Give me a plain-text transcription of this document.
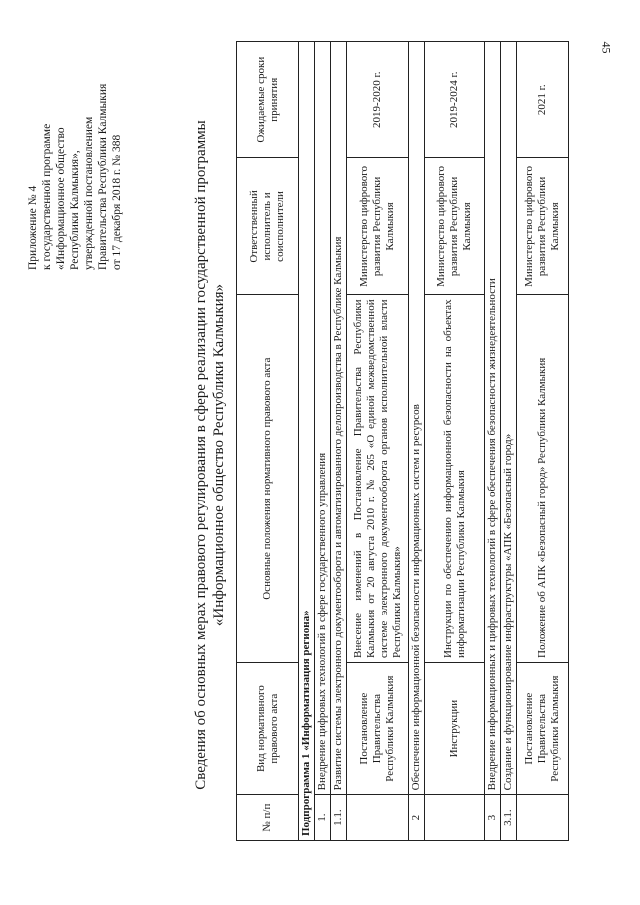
45
Приложение № 4 к государственной программе «Информационное общество Республики Калмыкия», утвержденной постановлением Правительства Республики Калмыкия от 17 декабря 2018 г. № 388	Сведения об основных мерах правового регулирования в сфере реализации государственной программы «Информационное общество Республики Калмыкия»
№ п/п	Вид нормативного правового акта	Основные положения нормативного правового акта	Ответственный исполнитель и соисполнители	Ожидаемые сроки принятия
Подпрограмма 1 «Информатизация региона»				
1.	Внедрение цифровых технологий в сфере государственного управления			
1.1.	Развитие системы электронного документооборота и автоматизированного делопроизводства в Республике Калмыкия			
	Постановление Правительства Республики Калмыкия	Внесение изменений в Постановление Правительства Республики Калмыкия от 20 августа 2010 г. № 265 «О единой межведомственной системе электронного документооборота органов исполнительной власти Республики Калмыкия»	Министерство цифрового развития Республики Калмыкия	2019-2020 г.
2	Обеспечение информационной безопасности информационных систем и ресурсов			
	Инструкции	Инструкции по обеспечению информационной безопасности на объектах информатизации Республики Калмыкия	Министерство цифрового развития Республики Калмыкия	2019-2024 г.
3	Внедрение информационных и цифровых технологий в сфере обеспечения безопасности жизнедеятельности			
3.1.	Создание и функционирование инфраструктуры «АПК «Безопасный город»			
	Постановление Правительства Республики Калмыкия	Положение об АПК «Безопасный город» Республики Калмыкия	Министерство цифрового развития Республики Калмыкия	2021 г.
